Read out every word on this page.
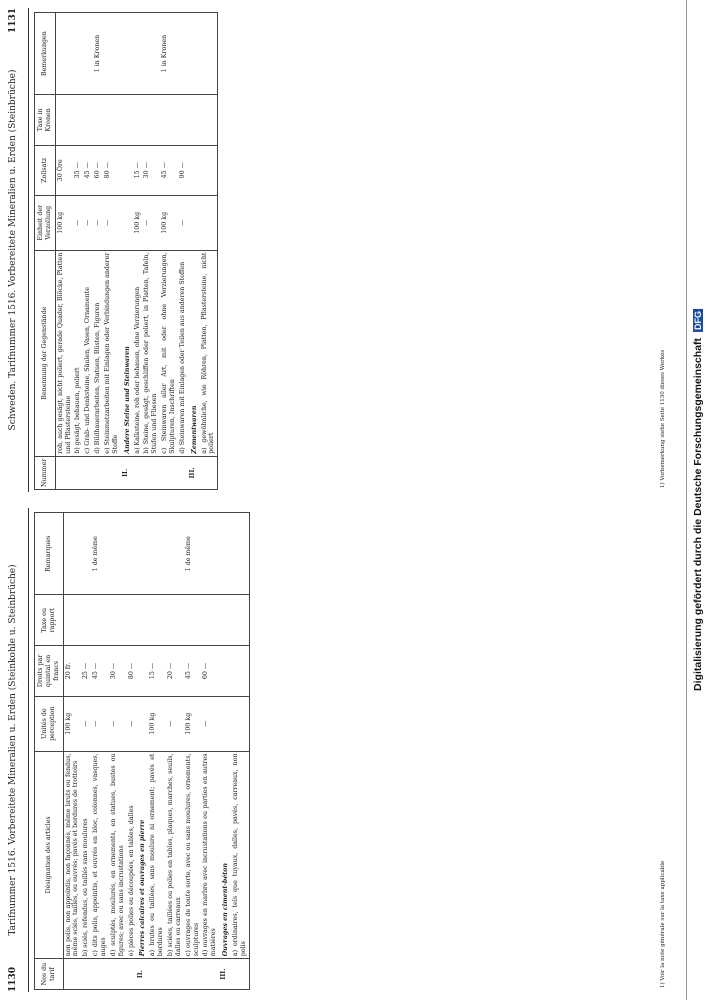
1130
Tarifnummer 1516. Vorbereitete Mineralien u. Erden (Steinkohle u. Steinbrüche)
Nos du tarif	Désignation des articles	Unités de perception	Droits par quintal en francs	Taxe ou rapport	Remarques
	non polis, non appointis, non façonnés, même bruts ou fendus, même sciés, taillés, ou ouvrés; pavés et bordures de trottoirs	100 kg	20 fr.		
	b) sciés, refendus, ou taillés sans moulures	—	25 —		
	c) dits polis, appointis, et ouvrés en bloc, colonnes, vasques, auges	—	45 —		1 de même
	d) sculptés, moulurés, en ornements, en statues, bustes ou figures; avec ou sans incrustations	—	30 —		
	e) pièces polies ou découpées, en tables, dalles	—	80 —		
II.	Pierres calcaires et ouvrages en pierre				

	a) brutes ou taillées, sans moulure ni ornement; pavés et bordures	100 kg	15 —		
	b) sciées, taillées ou polies en tables, plaques, marches, seuils, dalles ou carreaux	—	20 —		
	c) ouvrages de toute sorte, avec ou sans moulures, ornements, sculptures	100 kg	45 —		1 de même
	d) ouvrages en marbre avec incrustations ou parties en autres matières	—	60 —		
III.	Ouvrages en ciment-béton				

	a) ordinaires, tels que tuyaux, dalles, pavés, carreaux, non polis					1) Voir la note générale sur la taxe applicable
Schweden. Tarifnummer 1516. Vorbereitete Mineralien u. Erden (Steinbrüche)
1131
Nummer	Benennung der Gegenstände	Einheit der Verzollung	Zollsatz	Taxe in Kronen	Bemerkungen
	roh, auch gesägt, nicht poliert, gerade Quader, Blöcke, Platten und Pflastersteine	100 kg	30 Öre		
	b) gesägt, behauen, poliert	—	35 —		
	c) Grab- und Denksteine, Säulen, Vasen, Ornamente	—	45 —		
	d) Bildhauerarbeiten, Statuen, Büsten, Figuren	—	60 —		1 in Kronen
	e) Steinmetzarbeiten mit Einlagen oder Verbindungen anderer Stoffe	—	80 —		
II.	Andere Steine und Steinwaren				

	a) Kalksteine, roh oder behauen, ohne Verzierungen	100 kg	15 —		
	b) Steine, gesägt, geschliffen oder poliert, in Platten, Tafeln, Stufen und Fliesen	—	30 —		
	c) Steinwaren aller Art, mit oder ohne Verzierungen, Skulpturen, Inschriften	100 kg	45 —		1 in Kronen
	d) Steinwaren mit Einlagen oder Teilen aus anderen Stoffen	—	90 —		
III.	Zementwaren				

	a) gewöhnliche, wie Röhren, Platten, Pflastersteine, nicht poliert					1) Vorbemerkung siehe Seite 1130 dieses Werkes Digitalisierung gefördert durch die Deutsche Forschungsgemeinschaft DFG
